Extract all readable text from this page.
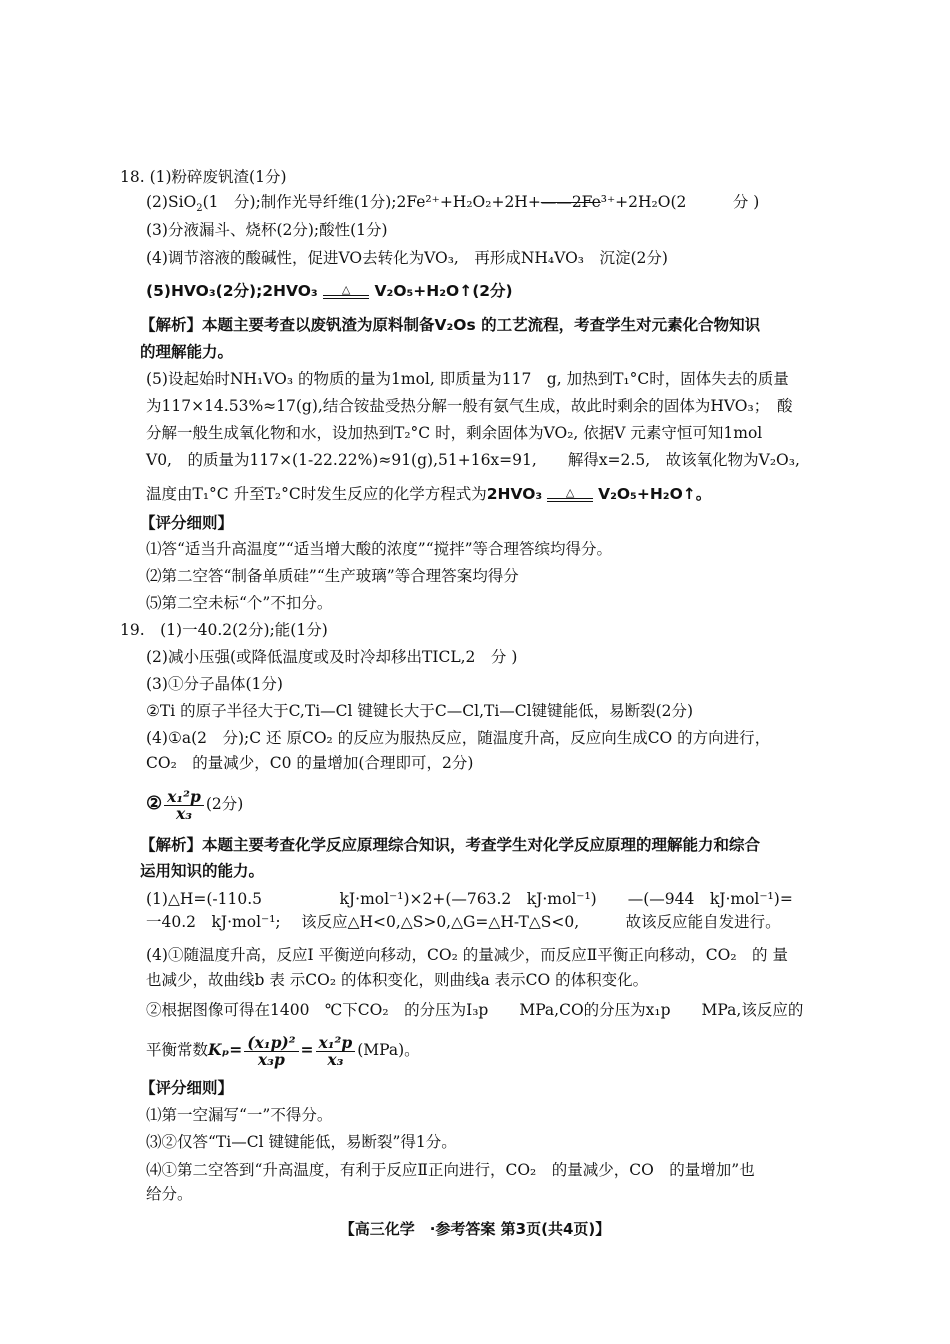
18. (1)粉碎废钒渣(1分)
(2)SiO$_2$(1　分);制作光导纤维(1分);2Fe²⁺+H₂O₂+2H+——2Fe³⁺+2H₂O(2　　　分 )
(3)分液漏斗、烧杯(2分);酸性(1分)
(4)调节溶液的酸碱性，促进VO去转化为VO₃,　再形成NH₄VO₃　沉淀(2分)
(5)HVO₃(2分);2HVO₃	△	V₂O₅+H₂O↑(2分)
【解析】本题主要考查以废钒渣为原料制备V₂Os 的工艺流程，考查学生对元素化合物知识
的理解能力。
(5)设起始时NH₁VO₃ 的物质的量为1mol, 即质量为117　g, 加热到T₁°C时，固体失去的质量
为117×14.53%≈17(g),结合铵盐受热分解一般有氨气生成，故此时剩余的固体为HVO₃；　酸
分解一般生成氧化物和水，设加热到T₂°C 时，剩余固体为VO₂, 依据V 元素守恒可知1mol
V0,　的质量为117×(1-22.22%)≈91(g),51+16x=91,　　解得x=2.5,　故该氧化物为V₂O₃,
温度由T₁°C 升至T₂°C时发生反应的化学方程式为2HVO₃	△	V₂O₅+H₂O↑。
【评分细则】
⑴答“适当升高温度”“适当增大酸的浓度”“搅拌”等合理答缤均得分。
⑵第二空答“制备单质硅”“生产玻璃”等合理答案均得分
⑸第二空未标“个”不扣分。
19.　(1)一40.2(2分);能(1分)
(2)减小压强(或降低温度或及时冷却移出TICL,2　分 )
(3)①分子晶体(1分)
②Ti 的原子半径大于C,Ti—Cl 键键长大于C—Cl,Ti—Cl键键能低，易断裂(2分)
(4)①a(2　分);C 还 原CO₂ 的反应为服热反应，随温度升高，反应向生成CO 的方向进行，
CO₂　的量减少，C0 的量增加(合理即可，2分)
② $\frac{\text{x₁²p}}{\text{x₃}} (2$分)
【解析】本题主要考查化学反应原理综合知识，考查学生对化学反应原理的理解能力和综合
运用知识的能力。
(1)△H=(-110.5　　　　　kJ·mol⁻¹)×2+(—763.2　kJ·mol⁻¹)　　—(—944　kJ·mol⁻¹)=
一40.2　kJ·mol⁻¹;　 该反应△H<0,△S>0,△G=△H-T△S<0,　　　故该反应能自发进行。
(4)①随温度升高，反应I 平衡逆向移动，CO₂ 的量减少，而反应Ⅱ平衡正向移动，CO₂　的 量
也减少，故曲线b 表 示CO₂ 的体积变化，则曲线a 表示CO 的体积变化。
②根据图像可得在1400　℃下CO₂　的分压为I₃p　　MPa,CO的分压为x₁p　　MPa,该反应的
平衡常数$K_p= \frac{\text{(x₁p)²}}{\text{x₃p}} = \frac{\text{x₁²p}}{\text{x₃}} (MPa)$。
【评分细则】
⑴第一空漏写“一”不得分。
⑶②仅答“Ti—Cl 键键能低，易断裂”得1分。
⑷①第二空答到“升高温度，有利于反应Ⅱ正向进行，CO₂　的量减少，CO　的量增加”也
给分。
【高三化学　·参考答案 第3页(共4页)】
